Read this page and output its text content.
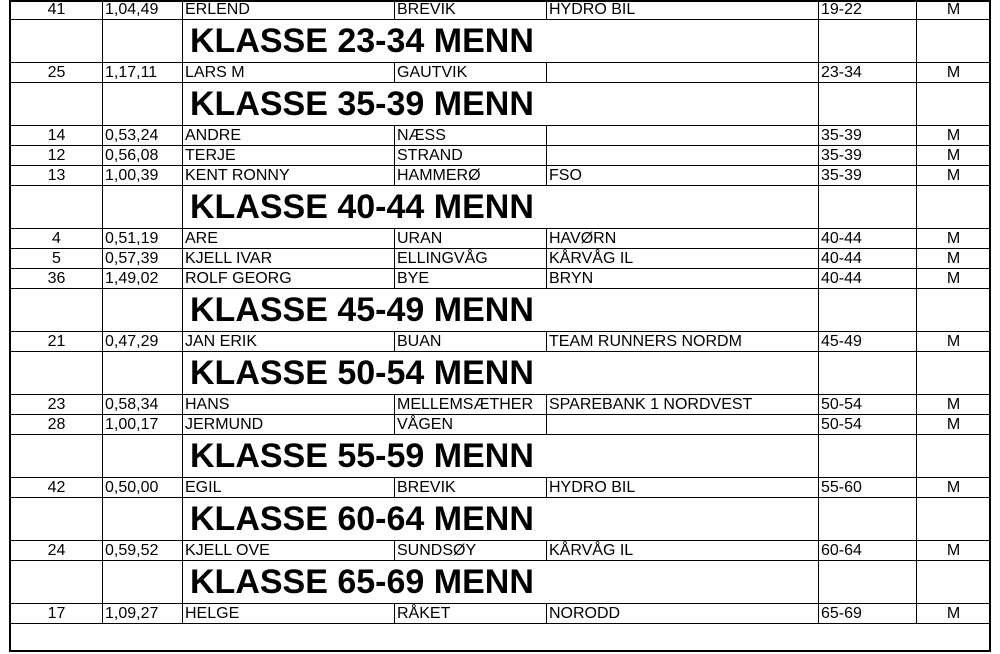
41	1,04,49	ERLEND	BREVIK	HYDRO BIL	19-22	M
		KLASSE 23-34 MENN				
25	1,17,11	LARS M	GAUTVIK		23-34	M
		KLASSE 35-39 MENN				
14	0,53,24	ANDRE	NÆSS		35-39	M
12	0,56,08	TERJE	STRAND		35-39	M
13	1,00,39	KENT RONNY	HAMMERØ	FSO	35-39	M
		KLASSE 40-44 MENN				
4	0,51,19	ARE	URAN	HAVØRN	40-44	M
5	0,57,39	KJELL IVAR	ELLINGVÅG	KÅRVÅG IL	40-44	M
36	1,49,02	ROLF GEORG	BYE	BRYN	40-44	M
		KLASSE 45-49 MENN				
21	0,47,29	JAN ERIK	BUAN	TEAM RUNNERS NORDM	45-49	M
		KLASSE 50-54 MENN				
23	0,58,34	HANS	MELLEMSÆTHER	SPAREBANK 1 NORDVEST	50-54	M
28	1,00,17	JERMUND	VÅGEN		50-54	M
		KLASSE 55-59 MENN				
42	0,50,00	EGIL	BREVIK	HYDRO BIL	55-60	M
		KLASSE 60-64 MENN				
24	0,59,52	KJELL OVE	SUNDSØY	KÅRVÅG IL	60-64	M
		KLASSE 65-69 MENN				
17	1,09,27	HELGE	RÅKET	NORODD	65-69	M
